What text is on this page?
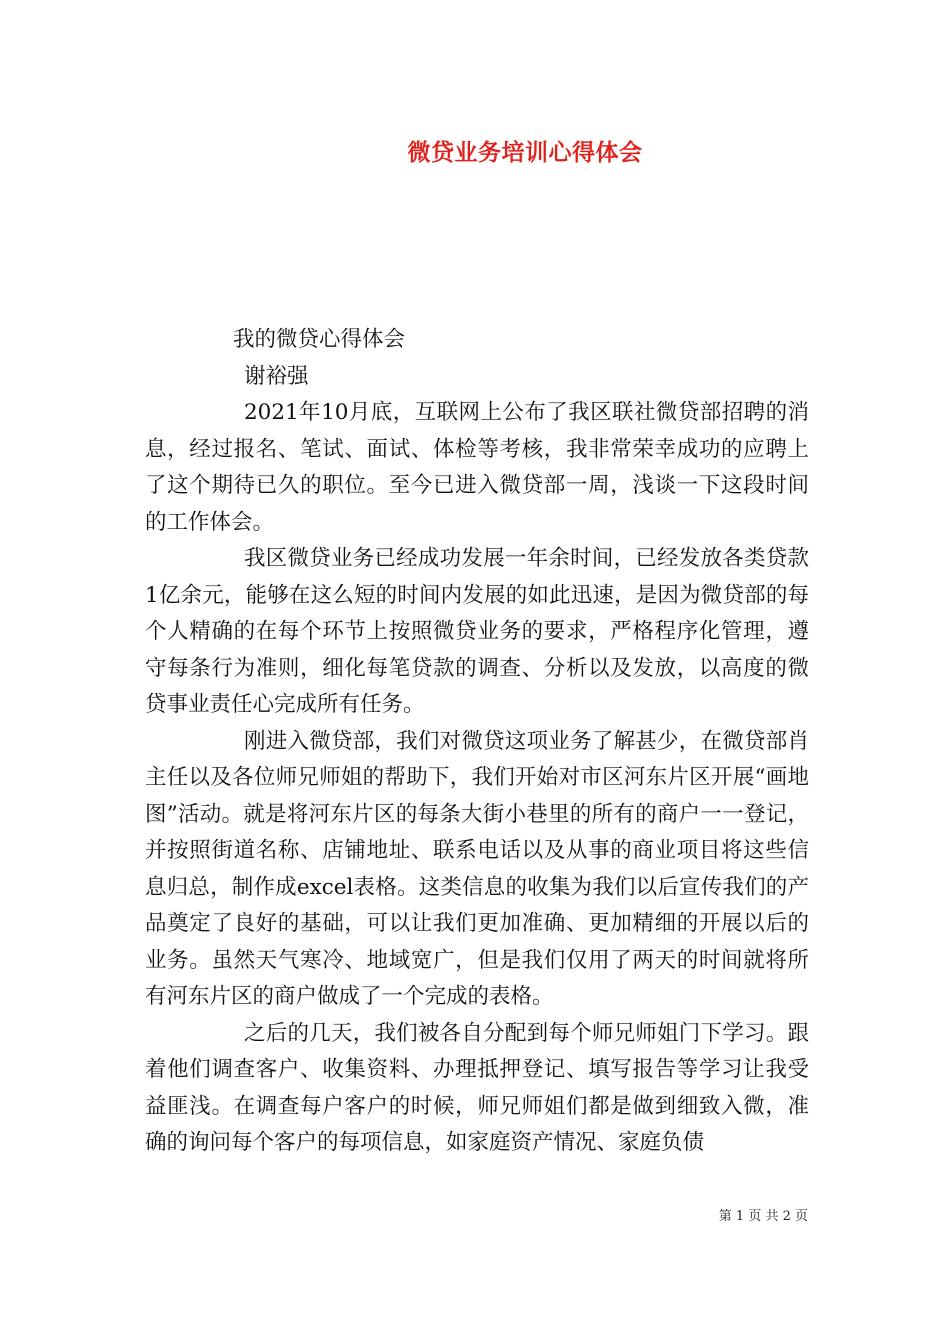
微贷业务培训心得体会

我的微贷心得体会

谢裕强

2021年10月底，互联网上公布了我区联社微贷部招聘的消息，经过报名、笔试、面试、体检等考核，我非常荣幸成功的应聘上了这个期待已久的职位。至今已进入微贷部一周，浅谈一下这段时间的工作体会。

我区微贷业务已经成功发展一年余时间，已经发放各类贷款1亿余元，能够在这么短的时间内发展的如此迅速，是因为微贷部的每个人精确的在每个环节上按照微贷业务的要求，严格程序化管理，遵守每条行为准则，细化每笔贷款的调查、分析以及发放，以高度的微贷事业责任心完成所有任务。

刚进入微贷部，我们对微贷这项业务了解甚少，在微贷部肖主任以及各位师兄师姐的帮助下，我们开始对市区河东片区开展“画地图”活动。就是将河东片区的每条大街小巷里的所有的商户一一登记，并按照街道名称、店铺地址、联系电话以及从事的商业项目将这些信息归总，制作成excel表格。这类信息的收集为我们以后宣传我们的产品奠定了良好的基础，可以让我们更加准确、更加精细的开展以后的业务。虽然天气寒冷、地域宽广，但是我们仅用了两天的时间就将所有河东片区的商户做成了一个完成的表格。

之后的几天，我们被各自分配到每个师兄师姐门下学习。跟着他们调查客户、收集资料、办理抵押登记、填写报告等学习让我受益匪浅。在调查每户客户的时候，师兄师姐们都是做到细致入微，准确的询问每个客户的每项信息，如家庭资产情况、家庭负债

第 1 页 共 2 页
